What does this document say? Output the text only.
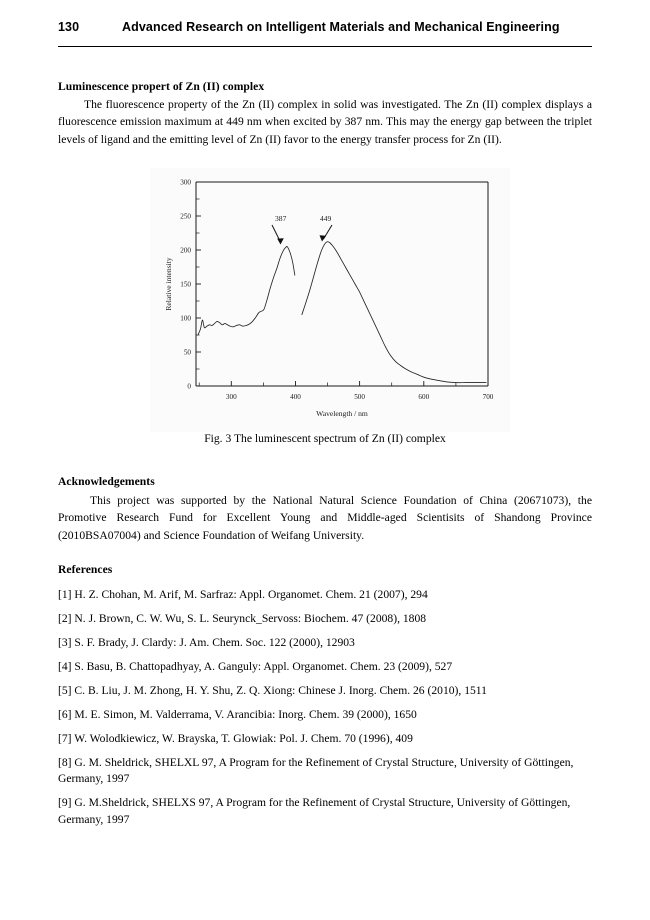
130	Advanced Research on Intelligent Materials and Mechanical Engineering
Luminescence propert of Zn (II) complex
The fluorescence property of the Zn (II) complex in solid was investigated. The Zn (II) complex displays a fluorescence emission maximum at 449 nm when excited by 387 nm. This may the energy gap between the triplet levels of ligand and the emitting level of Zn (II) favor to the energy transfer process for Zn (II).
0
50
100
150
200
250
300
300	400	500	600	700
Wavelength / nm
Relative intensity
387	449
Fig. 3 The luminescent spectrum of Zn (II) complex
Acknowledgements
This project was supported by the National Natural Science Foundation of China (20671073), the Promotive Research Fund for Excellent Young and Middle-aged Scientisits of Shandong Province (2010BSA07004) and Science Foundation of Weifang University.
References
[1] H. Z. Chohan, M. Arif, M. Sarfraz: Appl. Organomet. Chem. 21 (2007), 294
[2] N. J. Brown, C. W. Wu, S. L. Seurynck_Servoss: Biochem. 47 (2008), 1808
[3] S. F. Brady, J. Clardy: J. Am. Chem. Soc. 122 (2000), 12903
[4] S. Basu, B. Chattopadhyay, A. Ganguly: Appl. Organomet. Chem. 23 (2009), 527
[5] C. B. Liu, J. M. Zhong, H. Y. Shu, Z. Q. Xiong: Chinese J. Inorg. Chem. 26 (2010), 1511
[6] M. E. Simon, M. Valderrama, V. Arancibia: Inorg. Chem. 39 (2000), 1650
[7] W. Wolodkiewicz, W. Brayska, T. Glowiak: Pol. J. Chem. 70 (1996), 409
[8] G. M. Sheldrick, SHELXL 97, A Program for the Refinement of Crystal Structure, University of Göttingen, Germany, 1997
[9] G. M.Sheldrick, SHELXS 97, A Program for the Refinement of Crystal Structure, University of Göttingen, Germany, 1997
